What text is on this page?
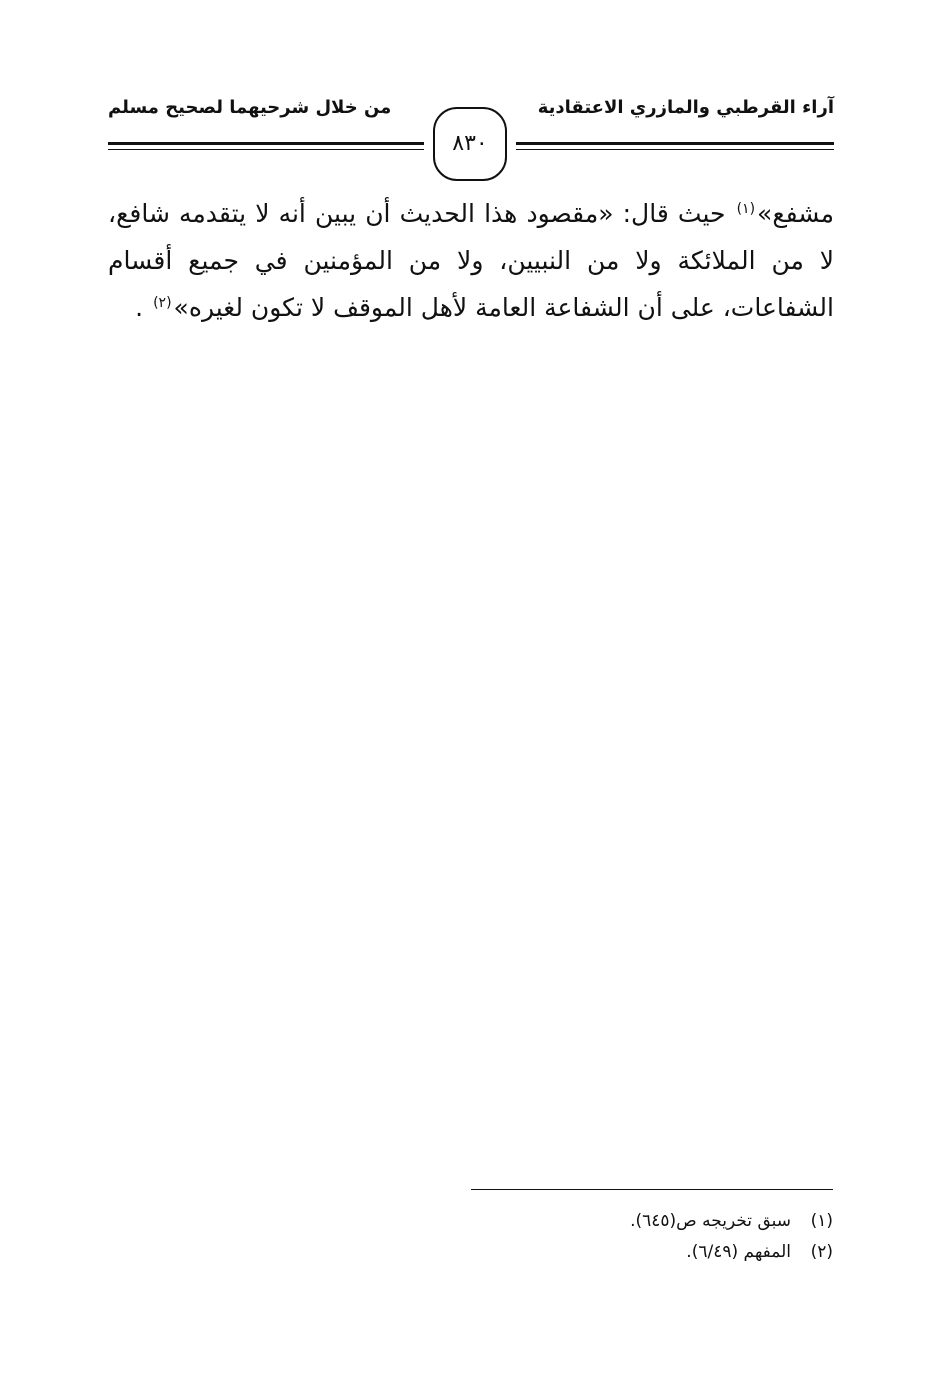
آراء القرطبي والمازري الاعتقادية
من خلال شرحيهما لصحيح مسلم
٨٣٠

مشفع»$^{(١)}$ حيث قال: «مقصود هذا الحديث أن يبين أنه لا يتقدمه شافع، لا من الملائكة ولا من النبيين، ولا من المؤمنين في جميع أقسام الشفاعات، على أن الشفاعة العامة لأهل الموقف لا تكون لغيره»$^{(٢)}$ .

(١)
سبق تخريجه ص(٦٤٥).
(٢)
المفهم (٦/٤٩).
